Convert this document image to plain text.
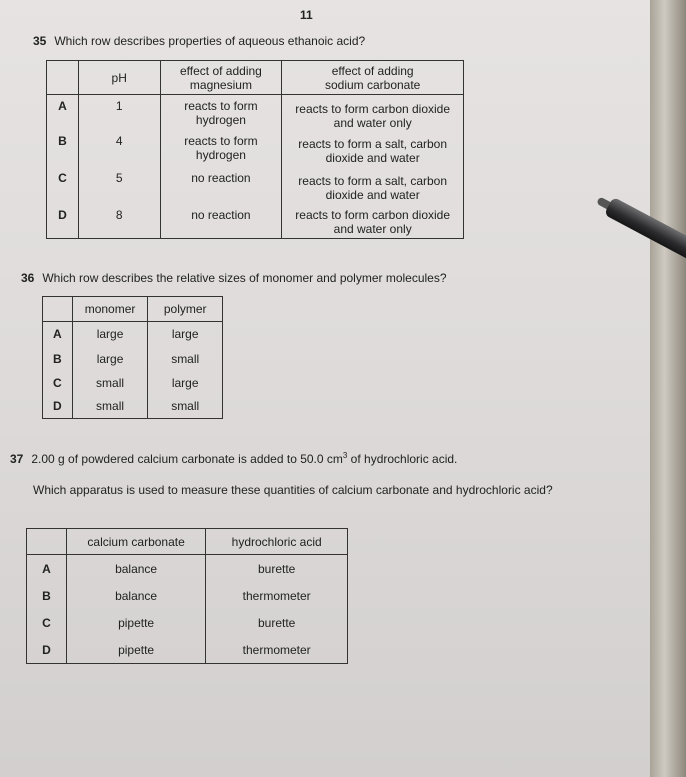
11
35 Which row describes properties of aqueous ethanoic acid?
	pH	effect of adding magnesium	effect of adding sodium carbonate
A	1	reacts to form hydrogen	reacts to form carbon dioxide and water only
B	4	reacts to form hydrogen	reacts to form a salt, carbon dioxide and water
C	5	no reaction	reacts to form a salt, carbon dioxide and water
D	8	no reaction	reacts to form carbon dioxide and water only
36 Which row describes the relative sizes of monomer and polymer molecules?
	monomer	polymer
A	large	large
B	large	small
C	small	large
D	small	small
37 2.00 g of powdered calcium carbonate is added to 50.0 $cm^3$ of hydrochloric acid.
Which apparatus is used to measure these quantities of calcium carbonate and hydrochloric acid?
	calcium carbonate	hydrochloric acid
A	balance	burette
B	balance	thermometer
C	pipette	burette
D	pipette	thermometer
